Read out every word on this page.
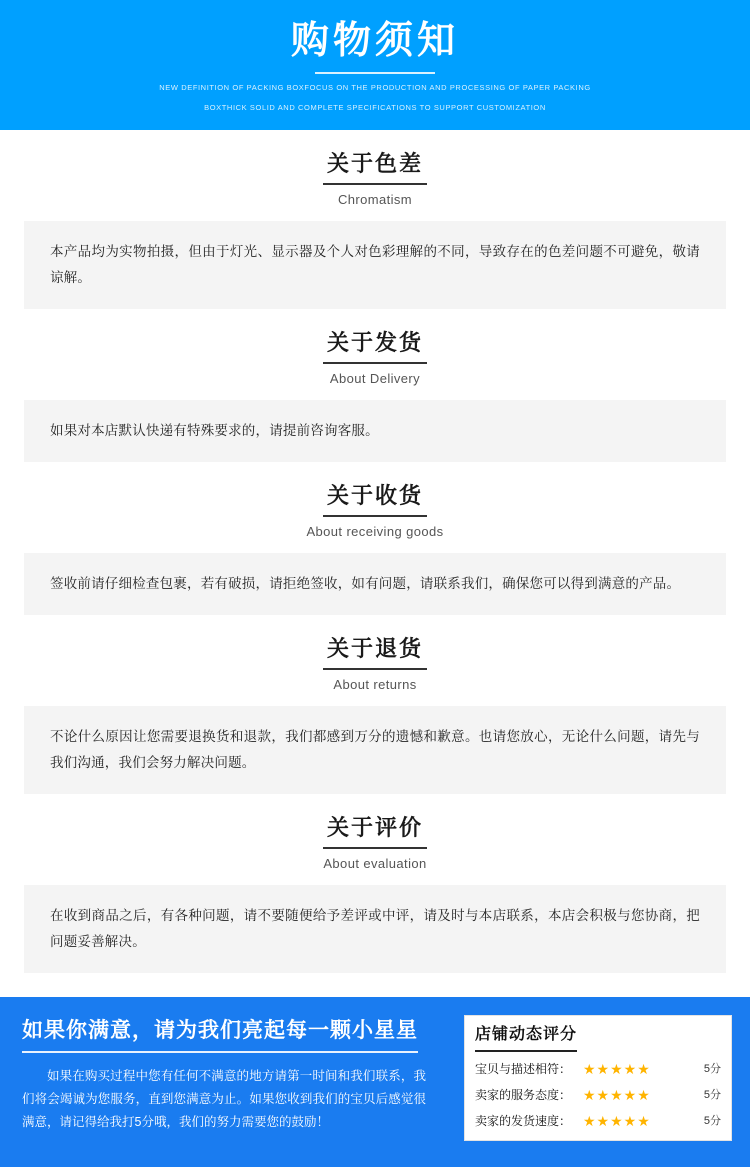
购物须知
NEW DEFINITION OF PACKING BOXFOCUS ON THE PRODUCTION AND PROCESSING OF PAPER PACKING
BOXTHICK SOLID AND COMPLETE SPECIFICATIONS TO SUPPORT CUSTOMIZATION
关于色差
Chromatism
本产品均为实物拍摄，但由于灯光、显示器及个人对色彩理解的不同，导致存在的色差问题不可避免，敬请谅解。
关于发货
About Delivery
如果对本店默认快递有特殊要求的，请提前咨询客服。
关于收货
About receiving goods
签收前请仔细检查包裹，若有破损，请拒绝签收，如有问题，请联系我们，确保您可以得到满意的产品。
关于退货
About returns
不论什么原因让您需要退换货和退款，我们都感到万分的遗憾和歉意。也请您放心，无论什么问题，请先与我们沟通，我们会努力解决问题。
关于评价
About evaluation
在收到商品之后，有各种问题，请不要随便给予差评或中评，请及时与本店联系，本店会积极与您协商，把问题妥善解决。
如果你满意，请为我们亮起每一颗小星星
如果在购买过程中您有任何不满意的地方请第一时间和我们联系，我们将会竭诚为您服务，直到您满意为止。如果您收到我们的宝贝后感觉很满意，请记得给我打5分哦，我们的努力需要您的鼓励！
店铺动态评分
宝贝与描述相符： ★★★★★	5分
卖家的服务态度： ★★★★★	5分
卖家的发货速度： ★★★★★	5分
